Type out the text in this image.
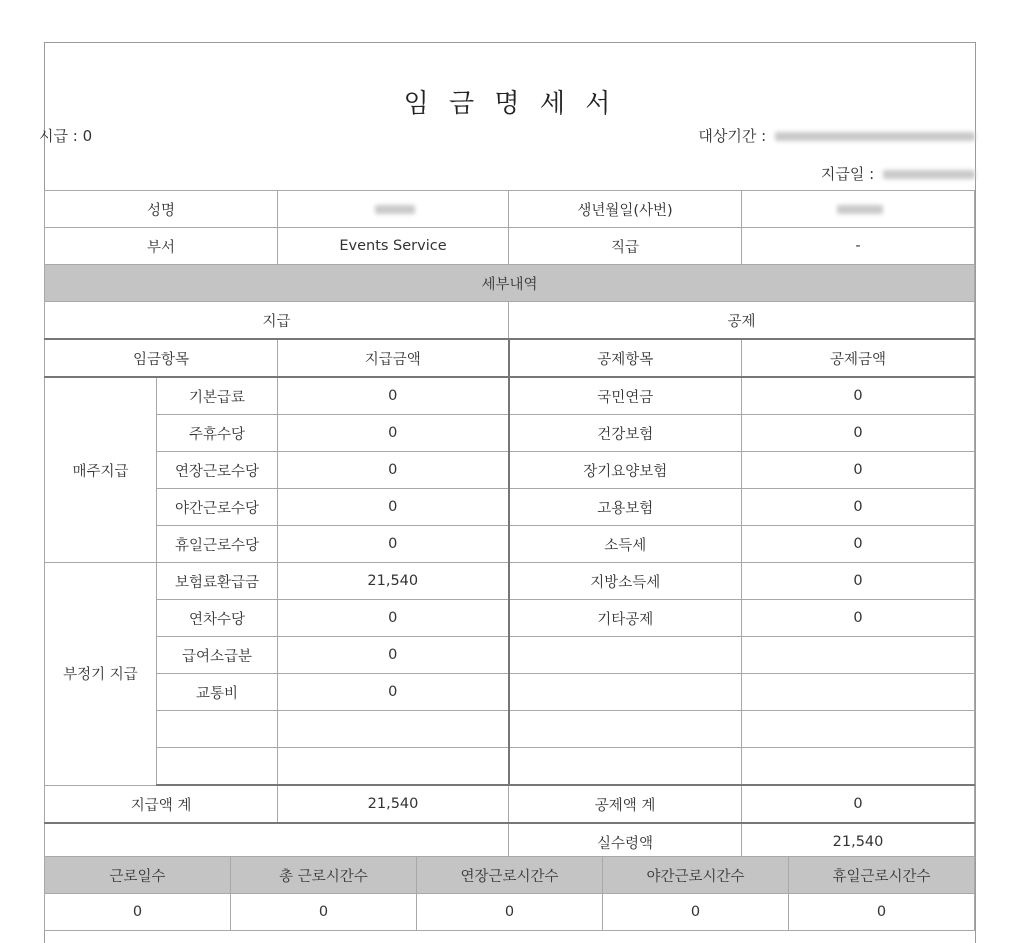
임 금 명 세 서
시급 : 0	대상기간 :
지급일 :
성명			생년월일(사번)	
부서		Events Service	직급	-
세부내역				
지급			공제	
임금항목		지급금액	공제항목	공제금액
매주지급	기본급료	0	국민연금	0
	주휴수당	0	건강보험	0
	연장근로수당	0	장기요양보험	0
	야간근로수당	0	고용보험	0
	휴일근로수당	0	소득세	0
부정기 지급	보험료환급금	21,540	지방소득세	0
	연차수당	0	기타공제	0
	급여소급분	0		
	교통비	0		

지급액 계		21,540	공제액 계	0
			실수령액	21,540
근로일수	총 근로시간수	연장근로시간수	야간근로시간수	휴일근로시간수
0	0	0	0	0
